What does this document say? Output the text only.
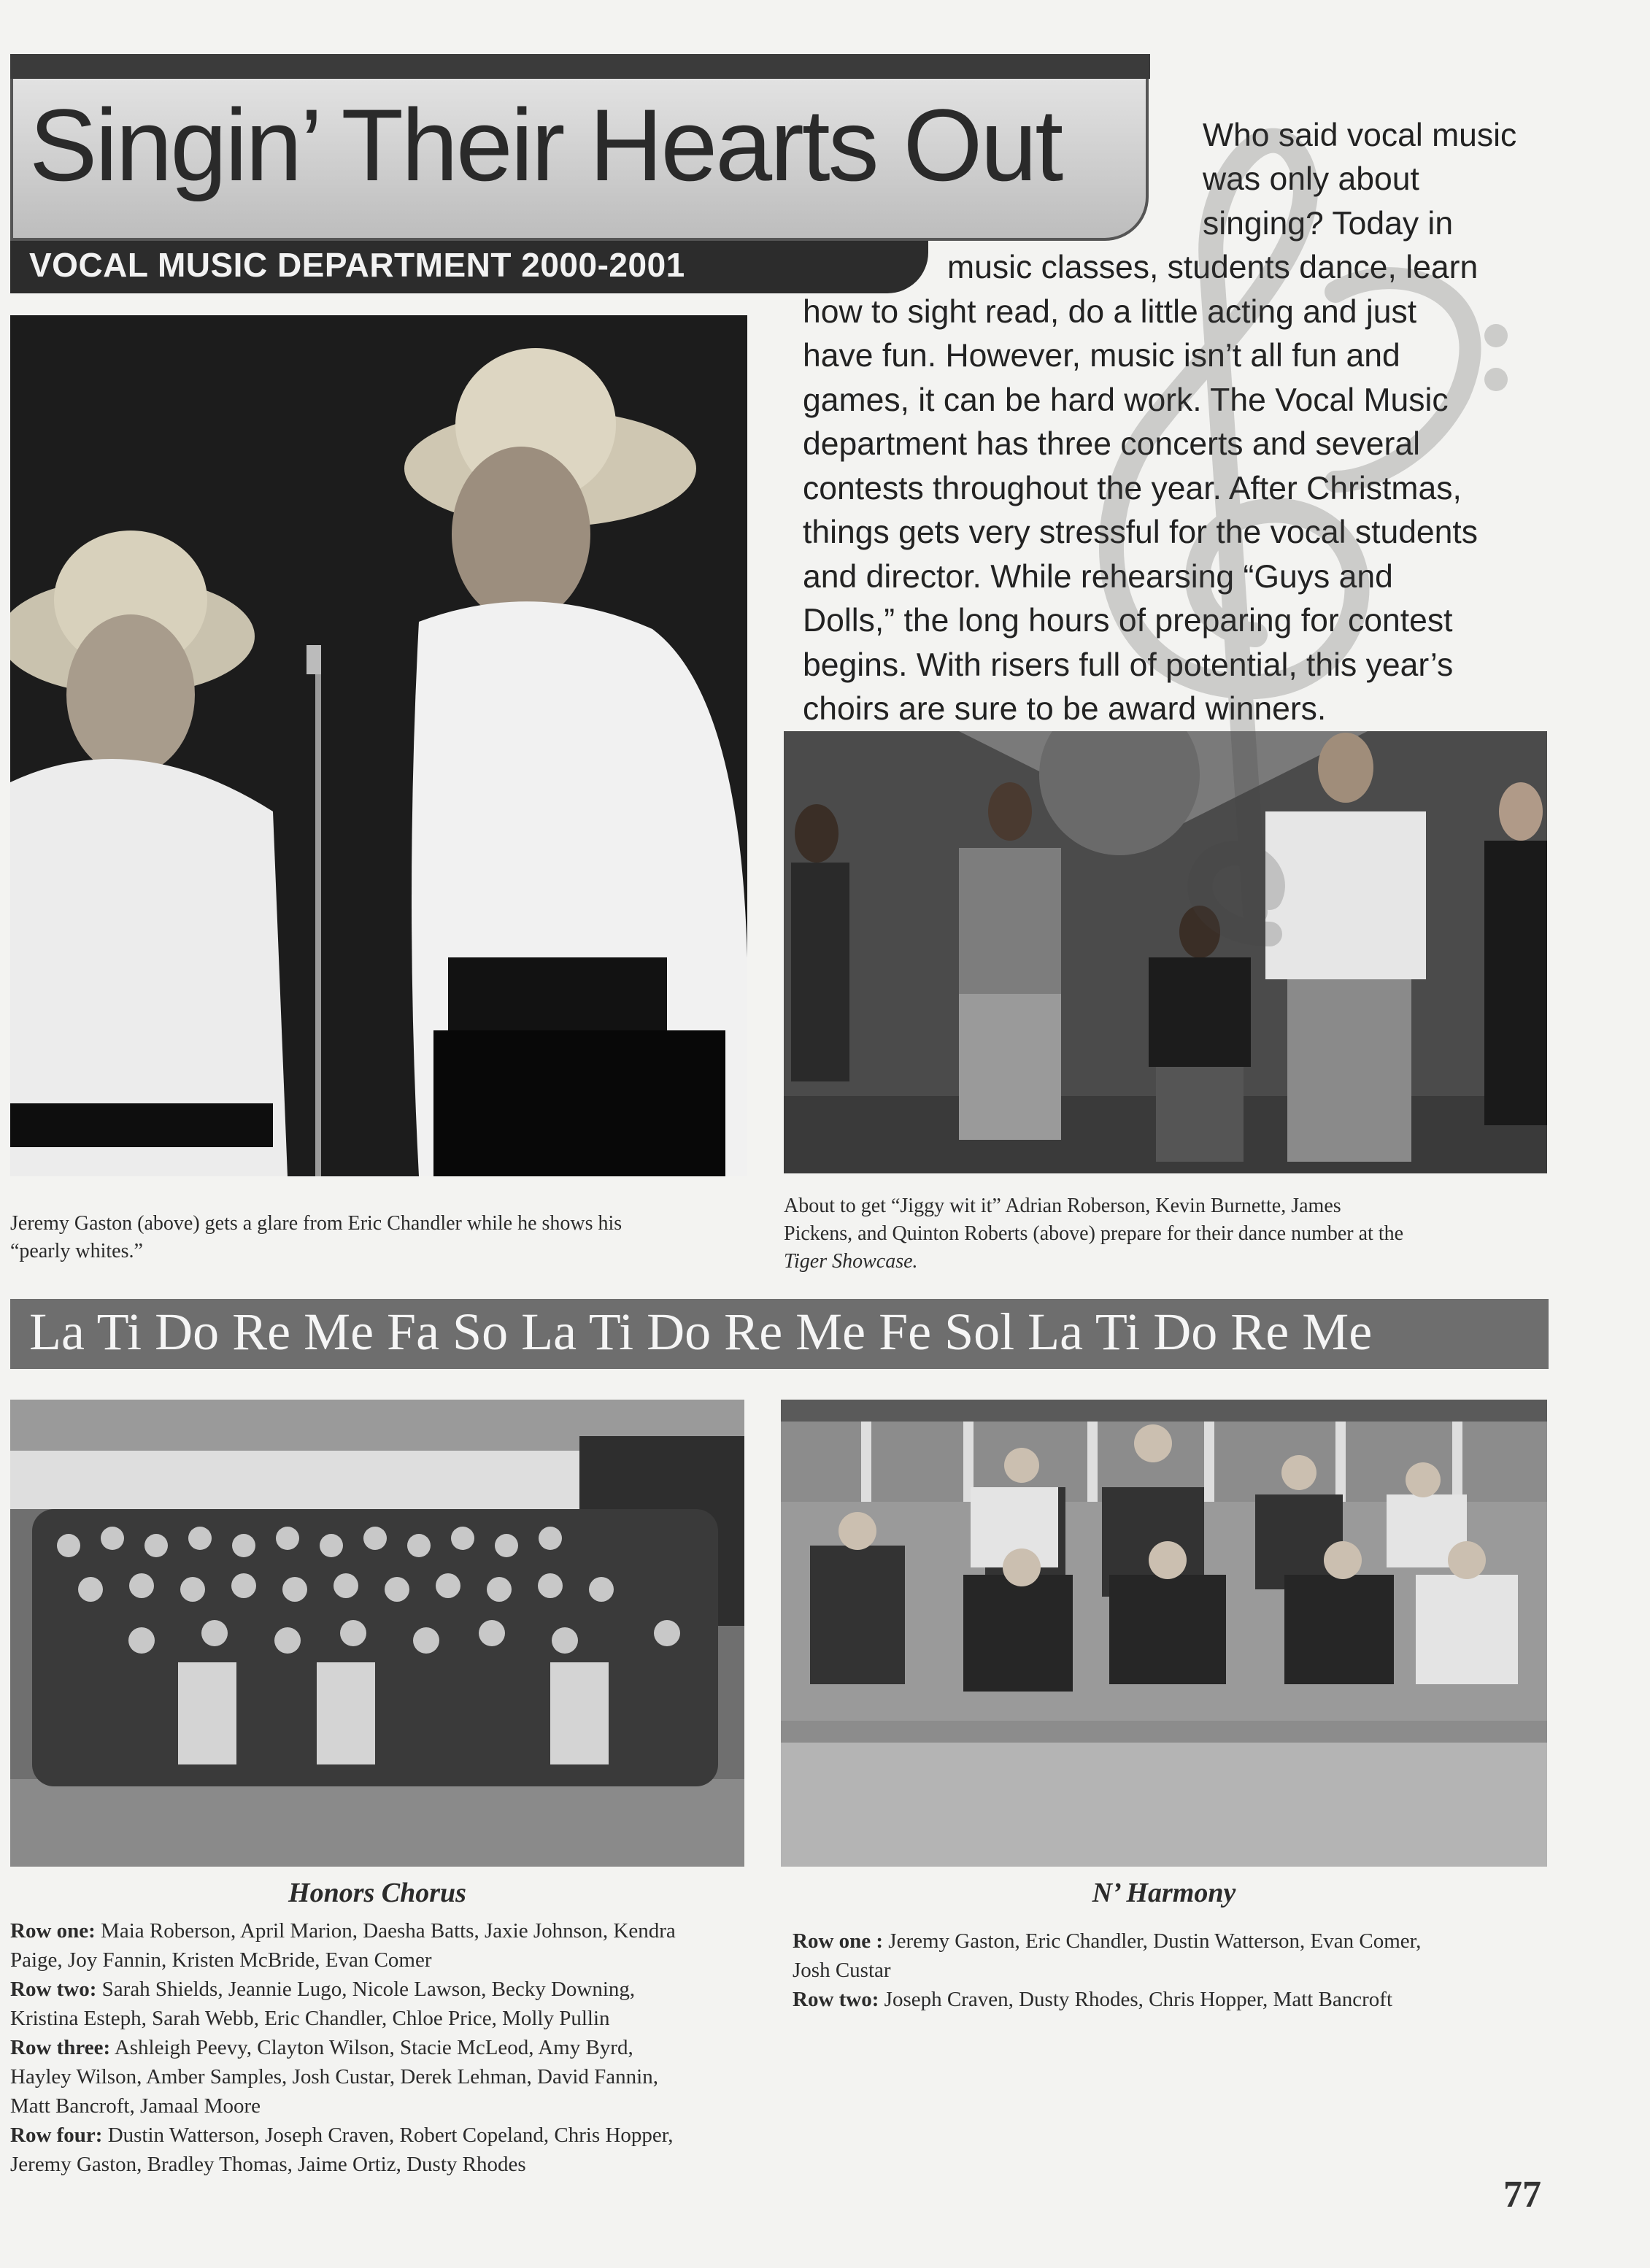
Singin’ Their Hearts Out
VOCAL MUSIC DEPARTMENT 2000-2001
Who said vocal music
was only about
singing? Today in
music classes, students dance, learn
how to sight read, do a little acting and just
have fun. However, music isn’t all fun and
games, it can be hard work. The Vocal Music
department has three concerts and several
contests throughout the year. After Christmas,
things gets very stressful for the vocal students
and director. While rehearsing “Guys and
Dolls,” the long hours of preparing for contest
begins. With risers full of potential, this year’s
choirs are sure to be award winners.
Jeremy Gaston (above) gets a glare from Eric Chandler while he shows his
“pearly whites.”
About to get “Jiggy wit it” Adrian Roberson, Kevin Burnette, James
Pickens, and Quinton Roberts (above) prepare for their dance number at the
Tiger Showcase.
La Ti Do Re Me Fa So La Ti Do Re Me Fe Sol La Ti Do Re Me
Honors Chorus
Row one: Maia Roberson, April Marion, Daesha Batts, Jaxie Johnson, Kendra
Paige, Joy Fannin, Kristen McBride, Evan Comer
Row two: Sarah Shields, Jeannie Lugo, Nicole Lawson, Becky Downing,
Kristina Esteph, Sarah Webb, Eric Chandler, Chloe Price, Molly Pullin
Row three: Ashleigh Peevy, Clayton Wilson, Stacie McLeod, Amy Byrd,
Hayley Wilson, Amber Samples, Josh Custar, Derek Lehman, David Fannin,
Matt Bancroft, Jamaal Moore
Row four: Dustin Watterson, Joseph Craven, Robert Copeland, Chris Hopper,
Jeremy Gaston, Bradley Thomas, Jaime Ortiz, Dusty Rhodes
N’ Harmony
Row one : Jeremy Gaston, Eric Chandler, Dustin Watterson, Evan Comer,
Josh Custar
Row two: Joseph Craven, Dusty Rhodes, Chris Hopper, Matt Bancroft
77
